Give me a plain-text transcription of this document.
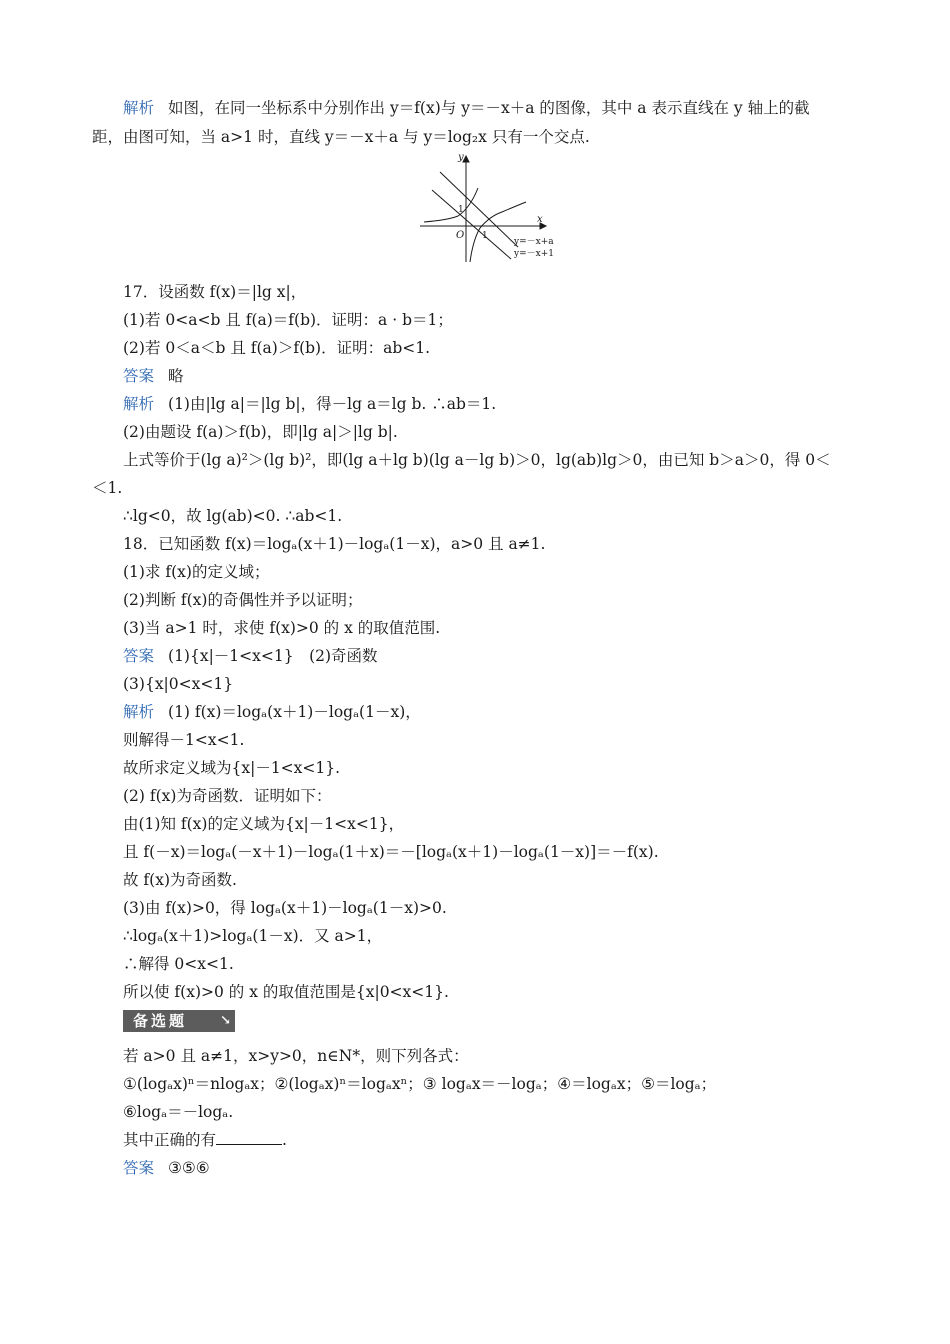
解析 如图，在同一坐标系中分别作出 y＝f(x)与 y＝－x＋a 的图像，其中 a 表示直线在 y 轴上的截
距，由图可知，当 a>1 时，直线 y＝－x＋a 与 y＝log₂x 只有一个交点.
y
x
O
1
1
y=－x+a
y=－x+1
17．设函数 f(x)＝|lg x|，
(1)若 0<a<b 且 f(a)＝f(b)．证明：a · b＝1；
(2)若 0＜a＜b 且 f(a)＞f(b)．证明：ab<1.
答案 略
解析 (1)由|lg a|＝|lg b|，得－lg a＝lg b. ∴ab＝1.
(2)由题设 f(a)＞f(b)，即|lg a|＞|lg b|.
上式等价于(lg a)²＞(lg b)²，即(lg a＋lg b)(lg a－lg b)＞0，lg(ab)lg＞0，由已知 b＞a＞0，得 0＜
＜1.
∴lg<0，故 lg(ab)<0. ∴ab<1.
18．已知函数 f(x)＝logₐ(x＋1)－logₐ(1－x)，a>0 且 a≠1.
(1)求 f(x)的定义域；
(2)判断 f(x)的奇偶性并予以证明；
(3)当 a>1 时，求使 f(x)>0 的 x 的取值范围.
答案 (1){x|－1<x<1}　(2)奇函数
(3){x|0<x<1}
解析 (1) f(x)＝logₐ(x＋1)－logₐ(1－x)，
则解得－1<x<1.
故所求定义域为{x|－1<x<1}.
(2) f(x)为奇函数．证明如下：
由(1)知 f(x)的定义域为{x|－1<x<1}，
且 f(－x)＝logₐ(－x＋1)－logₐ(1＋x)＝－[logₐ(x＋1)－logₐ(1－x)]＝－f(x).
故 f(x)为奇函数.
(3)由 f(x)>0，得 logₐ(x＋1)－logₐ(1－x)>0.
∴logₐ(x＋1)>logₐ(1－x)．又 a>1，
∴解得 0<x<1.
所以使 f(x)>0 的 x 的取值范围是{x|0<x<1}.
备选题	↘
若 a>0 且 a≠1，x>y>0，n∈N*，则下列各式：
①(logₐx)ⁿ＝nlogₐx；②(logₐx)ⁿ＝logₐxⁿ；③ logₐx＝－logₐ；④＝logₐx；⑤＝logₐ；
⑥logₐ＝－logₐ.
其中正确的有	.
答案 ③⑤⑥
